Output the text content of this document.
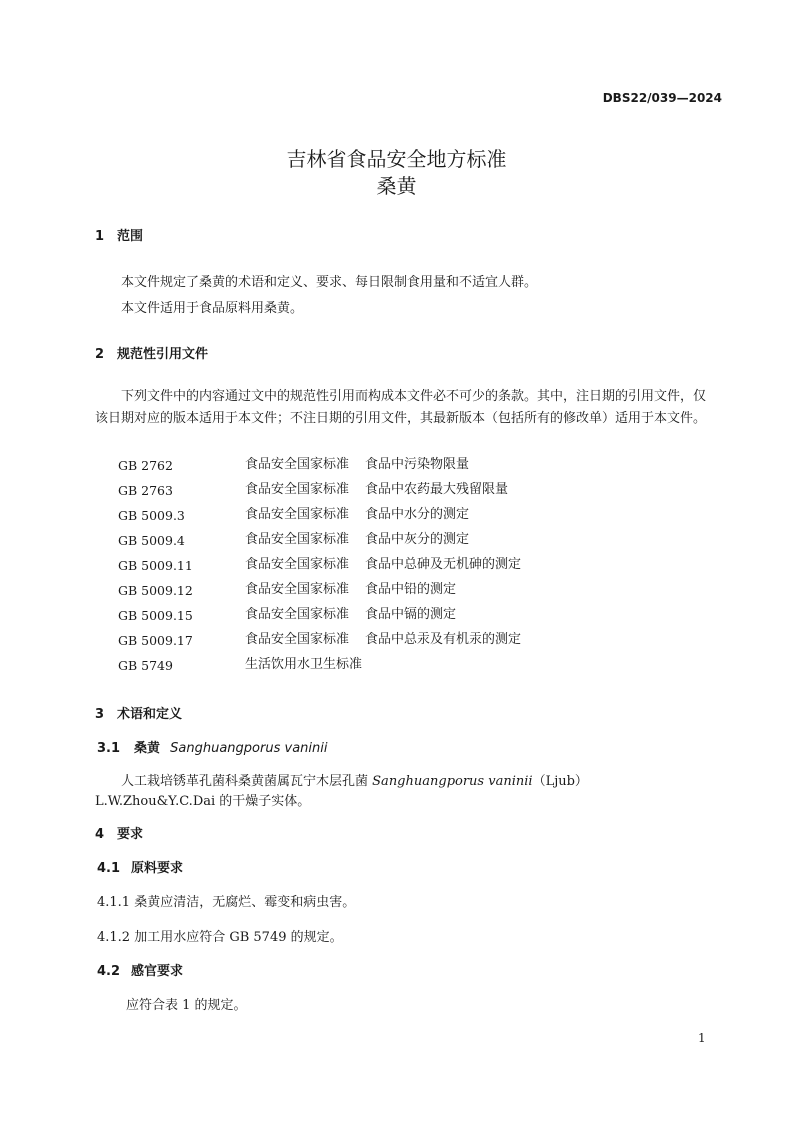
DBS22/039—2024
吉林省食品安全地方标准
桑黄
1 范围
本文件规定了桑黄的术语和定义、要求、每日限制食用量和不适宜人群。
本文件适用于食品原料用桑黄。
2 规范性引用文件
下列文件中的内容通过文中的规范性引用而构成本文件必不可少的条款。其中，注日期的引用文件，仅该日期对应的版本适用于本文件；不注日期的引用文件，其最新版本（包括所有的修改单）适用于本文件。
GB 2762	食品安全国家标准 食品中污染物限量
GB 2763	食品安全国家标准 食品中农药最大残留限量
GB 5009.3	食品安全国家标准 食品中水分的测定
GB 5009.4	食品安全国家标准 食品中灰分的测定
GB 5009.11	食品安全国家标准 食品中总砷及无机砷的测定
GB 5009.12	食品安全国家标准 食品中铅的测定
GB 5009.15	食品安全国家标准 食品中镉的测定
GB 5009.17	食品安全国家标准 食品中总汞及有机汞的测定
GB 5749	生活饮用水卫生标准
3 术语和定义
3.1 桑黄 Sanghuangporus vaninii
人工栽培锈革孔菌科桑黄菌属瓦宁木层孔菌 Sanghuangporus vaninii（Ljub）
L.W.Zhou&Y.C.Dai 的干燥子实体。
4 要求
4.1 原料要求
4.1.1 桑黄应清洁，无腐烂、霉变和病虫害。
4.1.2 加工用水应符合 GB 5749 的规定。
4.2 感官要求
应符合表 1 的规定。
1
